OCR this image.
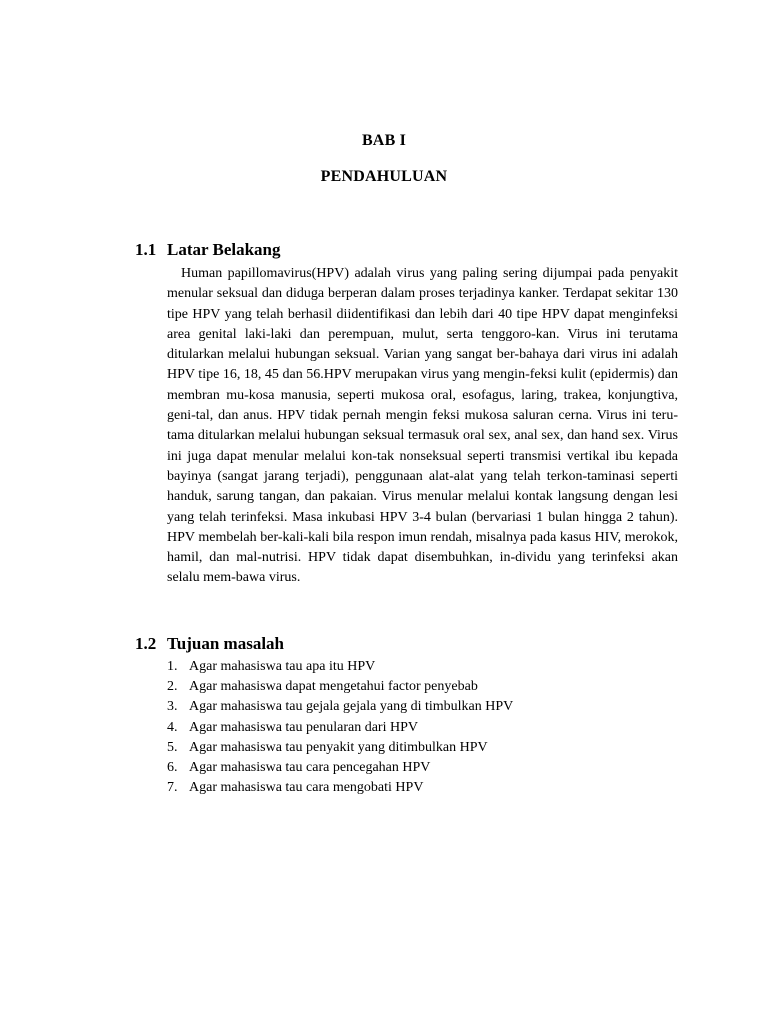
BAB I
PENDAHULUAN
1.1 Latar Belakang

Human papillomavirus(HPV) adalah virus yang paling sering dijumpai pada penyakit menular seksual dan diduga berperan dalam proses terjadinya kanker. Terdapat sekitar 130 tipe HPV yang telah berhasil diidentifikasi dan lebih dari 40 tipe HPV dapat menginfeksi area genital laki-laki dan perempuan, mulut, serta tenggoro-kan. Virus ini terutama ditularkan melalui hubungan seksual. Varian yang sangat ber-bahaya dari virus ini adalah HPV tipe 16, 18, 45 dan 56.HPV merupakan virus yang mengin-feksi kulit (epidermis) dan membran mu-kosa manusia, seperti mukosa oral, esofagus, laring, trakea, konjungtiva, geni-tal, dan anus. HPV tidak pernah mengin feksi mukosa saluran cerna. Virus ini teru-tama ditularkan melalui hubungan seksual termasuk oral sex, anal sex, dan hand sex. Virus ini juga dapat menular melalui kon-tak nonseksual seperti transmisi vertikal ibu kepada bayinya (sangat jarang terjadi), penggunaan alat-alat yang telah terkon-taminasi seperti handuk, sarung tangan, dan pakaian. Virus menular melalui kontak langsung dengan lesi yang telah terinfeksi. Masa inkubasi HPV 3-4 bulan (bervariasi 1 bulan hingga 2 tahun). HPV membelah ber-kali-kali bila respon imun rendah, misalnya pada kasus HIV, merokok, hamil, dan mal-nutrisi. HPV tidak dapat disembuhkan, in-dividu yang terinfeksi akan selalu mem-bawa virus.

1.2 Tujuan masalah
1. Agar mahasiswa tau apa itu HPV
2. Agar mahasiswa dapat mengetahui factor penyebab
3. Agar mahasiswa tau gejala gejala yang di timbulkan HPV
4. Agar mahasiswa tau penularan dari HPV
5. Agar mahasiswa tau penyakit yang ditimbulkan HPV
6. Agar mahasiswa tau cara pencegahan HPV
7. Agar mahasiswa tau cara mengobati HPV
